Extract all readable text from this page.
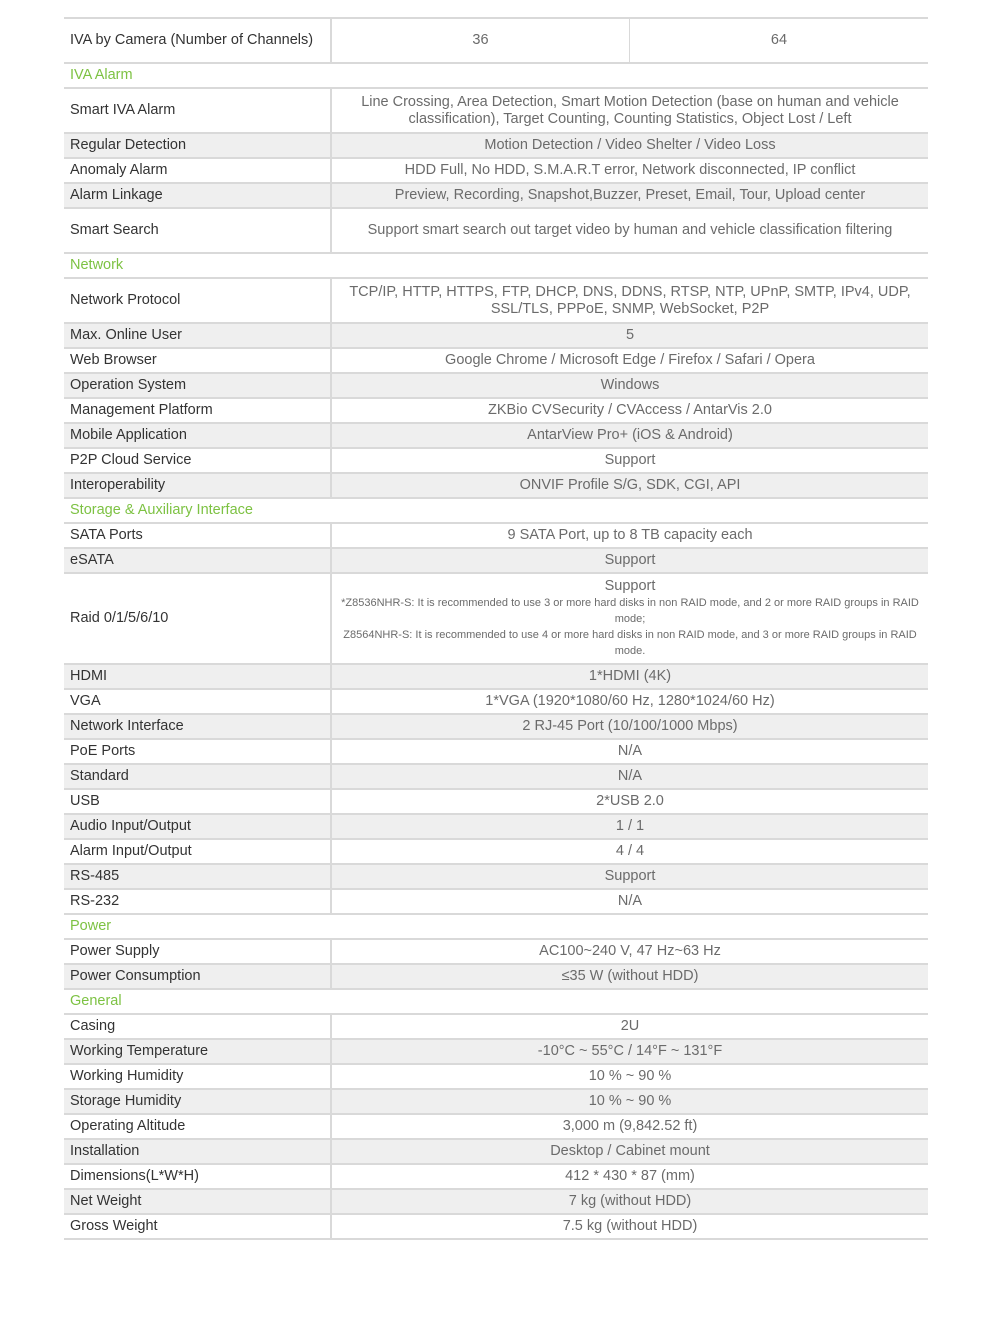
IVA by Camera (Number of Channels)	36	64
IVA Alarm		
Smart IVA Alarm	Line Crossing, Area Detection, Smart Motion Detection (base on human and vehicle classification), Target Counting, Counting Statistics, Object Lost / Left	

Regular Detection	Motion Detection / Video Shelter / Video Loss	

Anomaly Alarm	HDD Full, No HDD, S.M.A.R.T error, Network disconnected, IP conflict	

Alarm Linkage	Preview, Recording, Snapshot,Buzzer, Preset, Email, Tour, Upload center	

Smart Search	Support smart search out target video by human and vehicle classification filtering	

Network		
Network Protocol	TCP/IP, HTTP, HTTPS, FTP, DHCP, DNS, DDNS, RTSP, NTP, UPnP, SMTP, IPv4, UDP, SSL/TLS, PPPoE, SNMP, WebSocket, P2P	

Max. Online User	5	

Web Browser	Google Chrome / Microsoft Edge / Firefox / Safari / Opera	

Operation System	Windows	

Management Platform	ZKBio CVSecurity / CVAccess / AntarVis 2.0	

Mobile Application	AntarView Pro+ (iOS & Android)	

P2P Cloud Service	Support	

Interoperability	ONVIF Profile S/G, SDK, CGI, API	

Storage & Auxiliary Interface		
SATA Ports	9 SATA Port, up to 8 TB capacity each	

eSATA	Support	

Raid 0/1/5/6/10	Support
*Z8536NHR-S: It is recommended to use 3 or more hard disks in non RAID mode, and 2 or more RAID groups in RAID mode;
Z8564NHR-S: It is recommended to use 4 or more hard disks in non RAID mode, and 3 or more RAID groups in RAID mode.	

HDMI	1*HDMI (4K)	

VGA	1*VGA (1920*1080/60 Hz, 1280*1024/60 Hz)	

Network Interface	2 RJ-45 Port (10/100/1000 Mbps)	

PoE Ports	N/A	

Standard	N/A	

USB	2*USB 2.0	

Audio Input/Output	1 / 1	

Alarm Input/Output	4 / 4	

RS-485	Support	

RS-232	N/A	

Power		
Power Supply	AC100~240 V, 47 Hz~63 Hz	

Power Consumption	≤35 W (without HDD)	

General		
Casing	2U	

Working Temperature	-10°C ~ 55°C / 14°F ~ 131°F	

Working Humidity	10 % ~ 90 %	

Storage Humidity	10 % ~ 90 %	

Operating Altitude	3,000 m (9,842.52 ft)	

Installation	Desktop / Cabinet mount	

Dimensions(L*W*H)	412 * 430 * 87 (mm)	

Net Weight	7 kg (without HDD)	

Gross Weight	7.5 kg (without HDD)	
